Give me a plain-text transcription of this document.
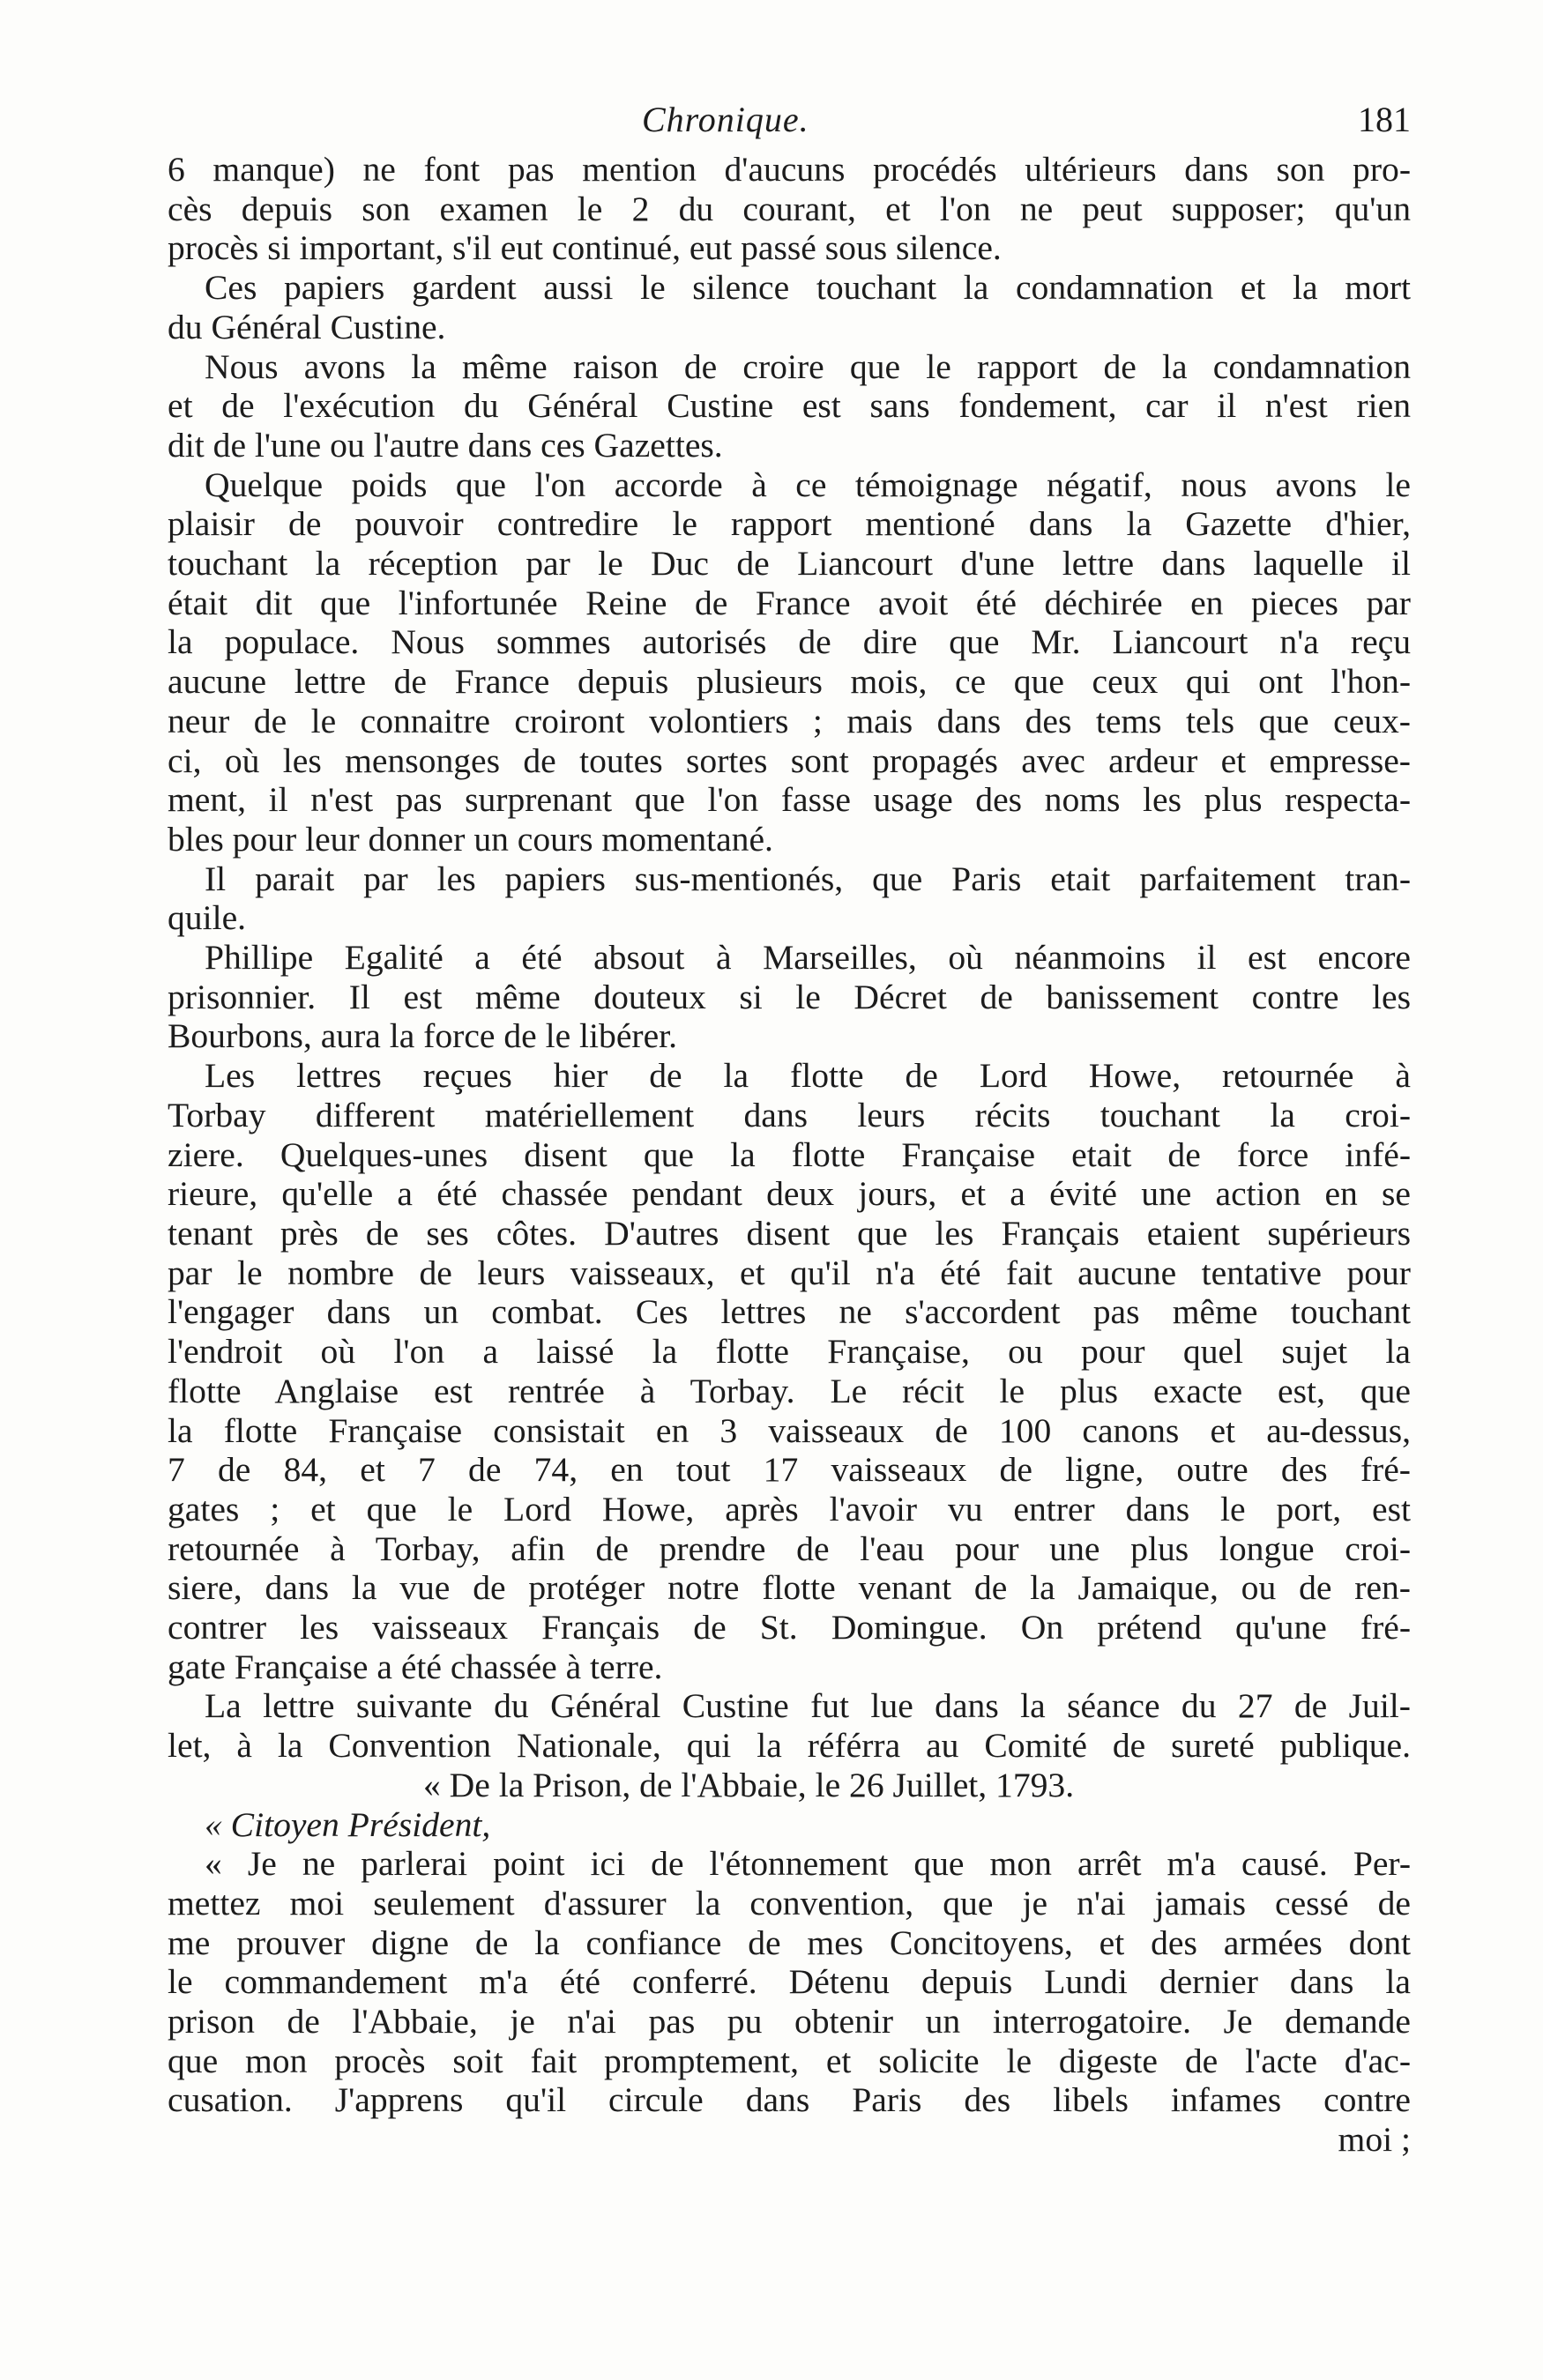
Chronique.	181
6 manque) ne font pas mention d'aucuns procédés ultérieurs dans son pro-
cès depuis son examen le 2 du courant, et l'on ne peut supposer; qu'un
procès si important, s'il eut continué, eut passé sous silence.
Ces papiers gardent aussi le silence touchant la condamnation et la mort
du Général Custine.
Nous avons la même raison de croire que le rapport de la condamnation
et de l'exécution du Général Custine est sans fondement, car il n'est rien
dit de l'une ou l'autre dans ces Gazettes.
Quelque poids que l'on accorde à ce témoignage négatif, nous avons le
plaisir de pouvoir contredire le rapport mentioné dans la Gazette d'hier,
touchant la réception par le Duc de Liancourt d'une lettre dans laquelle il
était dit que l'infortunée Reine de France avoit été déchirée en pieces par
la populace. Nous sommes autorisés de dire que Mr. Liancourt n'a reçu
aucune lettre de France depuis plusieurs mois, ce que ceux qui ont l'hon-
neur de le connaitre croiront volontiers ; mais dans des tems tels que ceux-
ci, où les mensonges de toutes sortes sont propagés avec ardeur et empresse-
ment, il n'est pas surprenant que l'on fasse usage des noms les plus respecta-
bles pour leur donner un cours momentané.
Il parait par les papiers sus-mentionés, que Paris etait parfaitement tran-
quile.
Phillipe Egalité a été absout à Marseilles, où néanmoins il est encore
prisonnier. Il est même douteux si le Décret de banissement contre les
Bourbons, aura la force de le libérer.
Les lettres reçues hier de la flotte de Lord Howe, retournée à
Torbay different matériellement dans leurs récits touchant la croi-
ziere. Quelques-unes disent que la flotte Française etait de force infé-
rieure, qu'elle a été chassée pendant deux jours, et a évité une action en se
tenant près de ses côtes. D'autres disent que les Français etaient supérieurs
par le nombre de leurs vaisseaux, et qu'il n'a été fait aucune tentative pour
l'engager dans un combat. Ces lettres ne s'accordent pas même touchant
l'endroit où l'on a laissé la flotte Française, ou pour quel sujet la
flotte Anglaise est rentrée à Torbay. Le récit le plus exacte est, que
la flotte Française consistait en 3 vaisseaux de 100 canons et au-dessus,
7 de 84, et 7 de 74, en tout 17 vaisseaux de ligne, outre des fré-
gates ; et que le Lord Howe, après l'avoir vu entrer dans le port, est
retournée à Torbay, afin de prendre de l'eau pour une plus longue croi-
siere, dans la vue de protéger notre flotte venant de la Jamaique, ou de ren-
contrer les vaisseaux Français de St. Domingue. On prétend qu'une fré-
gate Française a été chassée à terre.
La lettre suivante du Général Custine fut lue dans la séance du 27 de Juil-
let, à la Convention Nationale, qui la référra au Comité de sureté publique.
« De la Prison, de l'Abbaie, le 26 Juillet, 1793.
« Citoyen Président,
« Je ne parlerai point ici de l'étonnement que mon arrêt m'a causé. Per-
mettez moi seulement d'assurer la convention, que je n'ai jamais cessé de
me prouver digne de la confiance de mes Concitoyens, et des armées dont
le commandement m'a été conferré. Détenu depuis Lundi dernier dans la
prison de l'Abbaie, je n'ai pas pu obtenir un interrogatoire. Je demande
que mon procès soit fait promptement, et solicite le digeste de l'acte d'ac-
cusation. J'apprens qu'il circule dans Paris des libels infames contre
moi ;
